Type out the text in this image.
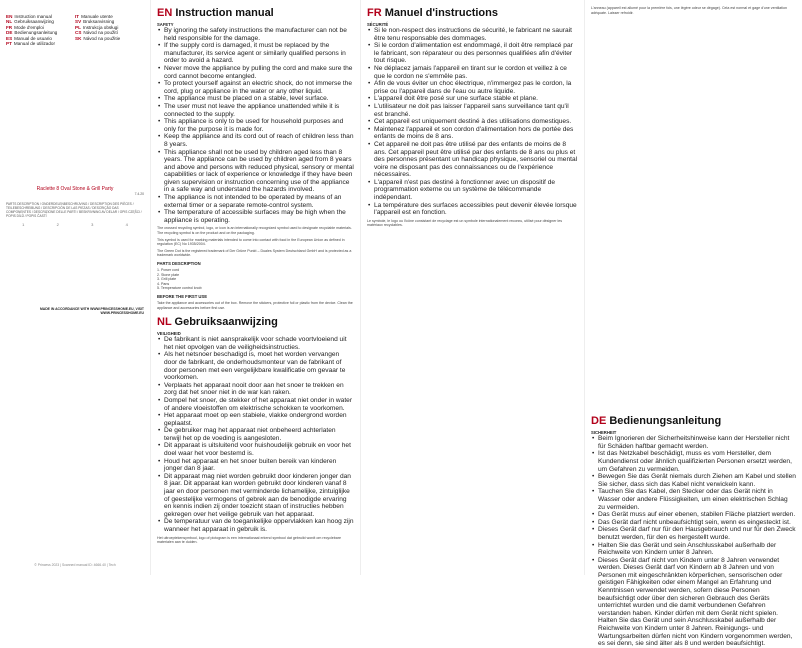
EN Instruction manual	IT Manuale utente
NL Gebruiksaanwijzing	SV Bruksanvisning
FR Mode d'emploi	PL Instrukcja obsługi
DE Bedienungsanleitung	CS Návod na použití
ES Manual de usuario	SK Návod na použitie
PT Manual de utilizador
Raclette 8 Oval Stone & Grill Party
7.4.20
PARTS DESCRIPTION / ONDERDELENBESCHRIJVING / DESCRIPTION DES PIÈCES / TEILEBESCHREIBUNG / DESCRIPCIÓN DE LAS PIEZAS / DESCRIÇÃO DAS COMPONENTES / DESCRIZIONE DELLE PARTI / BESKRIVNING AV DELAR / OPIS CZĘŚCI / POPIS DÍLŮ / POPIS ČASTÍ
1	2	3	4
MADE IN ACCORDANCE WITH WWW.PRINCESSHOME.EU, VISIT WWW.PRINCESSHOME.EU
© Princess 2023 | Scanned manual ID: 4666.40 | Tech
EN Instruction manual
SAFETY
• By ignoring the safety instructions the manufacturer can not be held responsible for the damage.
• If the supply cord is damaged, it must be replaced by the manufacturer, its service agent or similarly qualified persons in order to avoid a hazard.
• Never move the appliance by pulling the cord and make sure the cord cannot become entangled.
• To protect yourself against an electric shock, do not immerse the cord, plug or appliance in the water or any other liquid.
• The appliance must be placed on a stable, level surface.
• The user must not leave the appliance unattended while it is connected to the supply.
• This appliance is only to be used for household purposes and only for the purpose it is made for.
• Keep the appliance and its cord out of reach of children less than 8 years.
• This appliance shall not be used by children aged less than 8 years. The appliance can be used by children aged from 8 years and above and persons with reduced physical, sensory or mental capabilities or lack of experience or knowledge if they have been given supervision or instruction concerning use of the appliance in a safe way and understand the hazards involved.
• The appliance is not intended to be operated by means of an external timer or a separate remote-control system.
• The temperature of accessible surfaces may be high when the appliance is operating.
The crossed recycling symbol, logo, or icon is an internationally recognized symbol used to designate recyclable materials. The recycling symbol is on the product and on the packaging.
This symbol is used for marking materials intended to come into contact with food in the European Union as defined in regulation (EC) No 1935/2004.
The Green Dot is the registered trademark of Der Grüne Punkt – Duales System Deutschland GmbH and is protected as a trademark worldwide.
PARTS DESCRIPTION
1. Power cord
2. Stone plate
3. Grill plate
4. Pans
5. Temperature control knob
BEFORE THE FIRST USE
Take the appliance and accessories out of the box. Remove the stickers, protective foil or plastic from the device. Clean the appliance and accessories before first use.
NL Gebruiksaanwijzing
VEILIGHEID
• De fabrikant is niet aansprakelijk voor schade voortvloeiend uit het niet opvolgen van de veiligheidsinstructies.
• Als het netsnoer beschadigd is, moet het worden vervangen door de fabrikant, de onderhoudsmonteur van de fabrikant of door personen met een vergelijkbare kwalificatie om gevaar te voorkomen.
• Verplaats het apparaat nooit door aan het snoer te trekken en zorg dat het snoer niet in de war kan raken.
• Dompel het snoer, de stekker of het apparaat niet onder in water of andere vloeistoffen om elektrische schokken te voorkomen.
• Het apparaat moet op een stabiele, vlakke ondergrond worden geplaatst.
• De gebruiker mag het apparaat niet onbeheerd achterlaten terwijl het op de voeding is aangesloten.
• Dit apparaat is uitsluitend voor huishoudelijk gebruik en voor het doel waar het voor bestemd is.
• Houd het apparaat en het snoer buiten bereik van kinderen jonger dan 8 jaar.
• Dit apparaat mag niet worden gebruikt door kinderen jonger dan 8 jaar. Dit apparaat kan worden gebruikt door kinderen vanaf 8 jaar en door personen met verminderde lichamelijke, zintuiglijke of geestelijke vermogens of gebrek aan de benodigde ervaring en kennis indien zij onder toezicht staan of instructies hebben gekregen over het veilige gebruik van het apparaat.
• De temperatuur van de toegankelijke oppervlakken kan hoog zijn wanneer het apparaat in gebruik is.
Het uitroeptekensymbool, logo of pictogram is een internationaal erkend symbool dat gebruikt wordt om recyclebare materialen aan te duiden.
FR Manuel d'instructions
SÉCURITÉ
• Si le non-respect des instructions de sécurité, le fabricant ne saurait être tenu responsable des dommages.
• Si le cordon d'alimentation est endommagé, il doit être remplacé par le fabricant, son réparateur ou des personnes qualifiées afin d'éviter tout risque.
• Ne déplacez jamais l'appareil en tirant sur le cordon et veillez à ce que le cordon ne s'emmêle pas.
• Afin de vous éviter un choc électrique, n'immergez pas le cordon, la prise ou l'appareil dans de l'eau ou autre liquide.
• L'appareil doit être posé sur une surface stable et plane.
• L'utilisateur ne doit pas laisser l'appareil sans surveillance tant qu'il est branché.
• Cet appareil est uniquement destiné à des utilisations domestiques.
• Maintenez l'appareil et son cordon d'alimentation hors de portée des enfants de moins de 8 ans.
• Cet appareil ne doit pas être utilisé par des enfants de moins de 8 ans. Cet appareil peut être utilisé par des enfants de 8 ans ou plus et des personnes présentant un handicap physique, sensoriel ou mental voire ne disposant pas des connaissances ou de l'expérience nécessaires.
• L'appareil n'est pas destiné à fonctionner avec un dispositif de programmation externe ou un système de télécommande indépendant.
• La température des surfaces accessibles peut devenir élevée lorsque l'appareil est en fonction.
Le symbole, le logo ou l'icône consistant de recyclage est un symbole internationalement reconnu, utilisé pour désigner les matériaux recyclables.
L'anneau (appareil est allumé pour la première fois, une légère odeur se dégage). Cela est normal et gage d'une ventilation adéquate. Laisser refroidir.
DE Bedienungsanleitung
SICHERHEIT
• Beim Ignorieren der Sicherheitshinweise kann der Hersteller nicht für Schäden haftbar gemacht werden.
• Ist das Netzkabel beschädigt, muss es vom Hersteller, dem Kundendienst oder ähnlich qualifizierten Personen ersetzt werden, um Gefahren zu vermeiden.
• Bewegen Sie das Gerät niemals durch Ziehen am Kabel und stellen Sie sicher, dass sich das Kabel nicht verwickeln kann.
• Tauchen Sie das Kabel, den Stecker oder das Gerät nicht in Wasser oder andere Flüssigkeiten, um einen elektrischen Schlag zu vermeiden.
• Das Gerät muss auf einer ebenen, stabilen Fläche platziert werden.
• Das Gerät darf nicht unbeaufsichtigt sein, wenn es eingesteckt ist.
• Dieses Gerät darf nur für den Hausgebrauch und nur für den Zweck benutzt werden, für den es hergestellt wurde.
• Halten Sie das Gerät und sein Anschlusskabel außerhalb der Reichweite von Kindern unter 8 Jahren.
• Dieses Gerät darf nicht von Kindern unter 8 Jahren verwendet werden. Dieses Gerät darf von Kindern ab 8 Jahren und von Personen mit eingeschränkten körperlichen, sensorischen oder geistigen Fähigkeiten oder einem Mangel an Erfahrung und Kenntnissen verwendet werden, sofern diese Personen beaufsichtigt oder über den sicheren Gebrauch des Geräts unterrichtet wurden und die damit verbundenen Gefahren verstanden haben. Kinder dürfen mit dem Gerät nicht spielen. Halten Sie das Gerät und sein Anschlusskabel außerhalb der Reichweite von Kindern unter 8 Jahren. Reinigungs- und Wartungsarbeiten dürfen nicht von Kindern vorgenommen werden, es sei denn, sie sind älter als 8 und werden beaufsichtigt.
